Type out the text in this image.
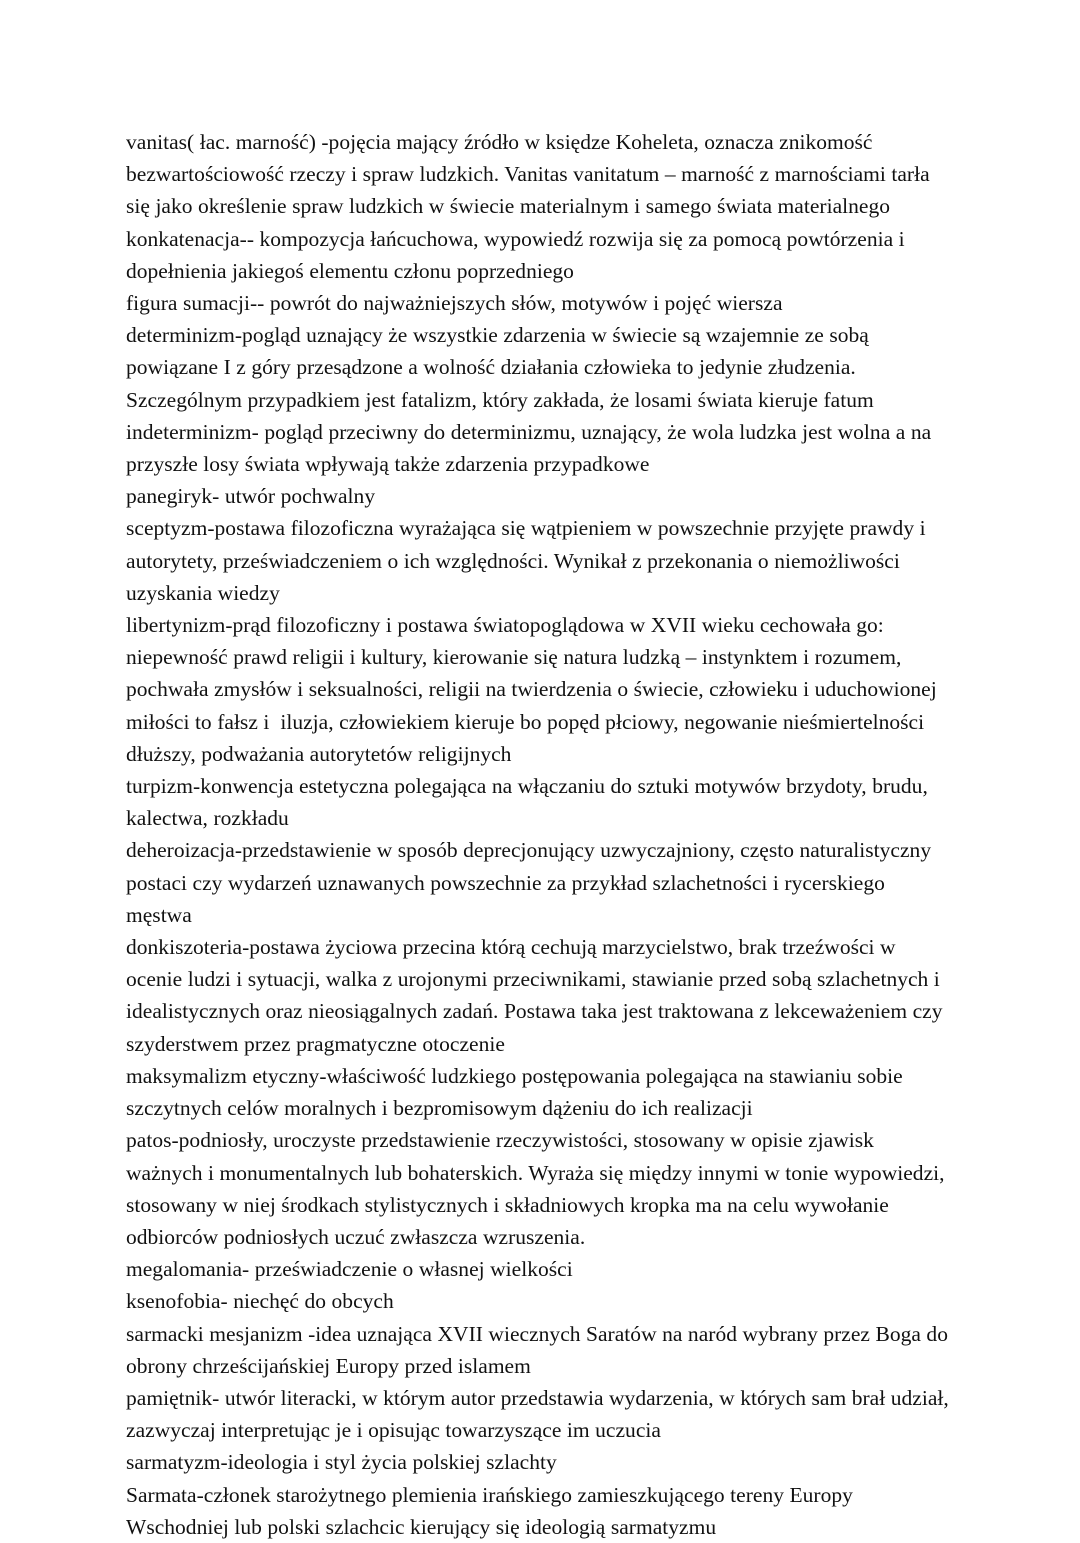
vanitas( łac. marność) -pojęcia mający źródło w księdze Koheleta, oznacza znikomość bezwartościowość rzeczy i spraw ludzkich. Vanitas vanitatum – marność z marnościami tarła się jako określenie spraw ludzkich w świecie materialnym i samego świata materialnego

konkatenacja-- kompozycja łańcuchowa, wypowiedź rozwija się za pomocą powtórzenia i dopełnienia jakiegoś elementu członu poprzedniego

figura sumacji-- powrót do najważniejszych słów, motywów i pojęć wiersza

determinizm-pogląd uznający że wszystkie zdarzenia w świecie są wzajemnie ze sobą powiązane I z góry przesądzone a wolność działania człowieka to jedynie złudzenia. Szczególnym przypadkiem jest fatalizm, który zakłada, że losami świata kieruje fatum

indeterminizm- pogląd przeciwny do determinizmu, uznający, że wola ludzka jest wolna a na przyszłe losy świata wpływają także zdarzenia przypadkowe

panegiryk- utwór pochwalny

sceptyzm-postawa filozoficzna wyrażająca się wątpieniem w powszechnie przyjęte prawdy i autorytety, przeświadczeniem o ich względności. Wynikał z przekonania o niemożliwości uzyskania wiedzy

libertynizm-prąd filozoficzny i postawa światopoglądowa w XVII wieku cechowała go: niepewność prawd religii i kultury, kierowanie się natura ludzką – instynktem i rozumem, pochwała zmysłów i seksualności, religii na twierdzenia o świecie, człowieku i uduchowionej miłości to fałsz i  iluzja, człowiekiem kieruje bo popęd płciowy, negowanie nieśmiertelności dłuższy, podważania autorytetów religijnych

turpizm-konwencja estetyczna polegająca na włączaniu do sztuki motywów brzydoty, brudu, kalectwa, rozkładu

deheroizacja-przedstawienie w sposób deprecjonujący uzwyczajniony, często naturalistyczny postaci czy wydarzeń uznawanych powszechnie za przykład szlachetności i rycerskiego męstwa

donkiszoteria-postawa życiowa przecina którą cechują marzycielstwo, brak trzeźwości w ocenie ludzi i sytuacji, walka z urojonymi przeciwnikami, stawianie przed sobą szlachetnych i idealistycznych oraz nieosiągalnych zadań. Postawa taka jest traktowana z lekceważeniem czy szyderstwem przez pragmatyczne otoczenie

maksymalizm etyczny-właściwość ludzkiego postępowania polegająca na stawianiu sobie szczytnych celów moralnych i bezpromisowym dążeniu do ich realizacji

patos-podniosły, uroczyste przedstawienie rzeczywistości, stosowany w opisie zjawisk ważnych i monumentalnych lub bohaterskich. Wyraża się między innymi w tonie wypowiedzi, stosowany w niej środkach stylistycznych i składniowych kropka ma na celu wywołanie odbiorców podniosłych uczuć zwłaszcza wzruszenia.

megalomania- przeświadczenie o własnej wielkości

ksenofobia- niechęć do obcych

sarmacki mesjanizm -idea uznająca XVII wiecznych Saratów na naród wybrany przez Boga do obrony chrześcijańskiej Europy przed islamem

pamiętnik- utwór literacki, w którym autor przedstawia wydarzenia, w których sam brał udział, zazwyczaj interpretując je i opisując towarzyszące im uczucia

sarmatyzm-ideologia i styl życia polskiej szlachty

Sarmata-członek starożytnego plemienia irańskiego zamieszkującego tereny Europy Wschodniej lub polski szlachcic kierujący się ideologią sarmatyzmu
